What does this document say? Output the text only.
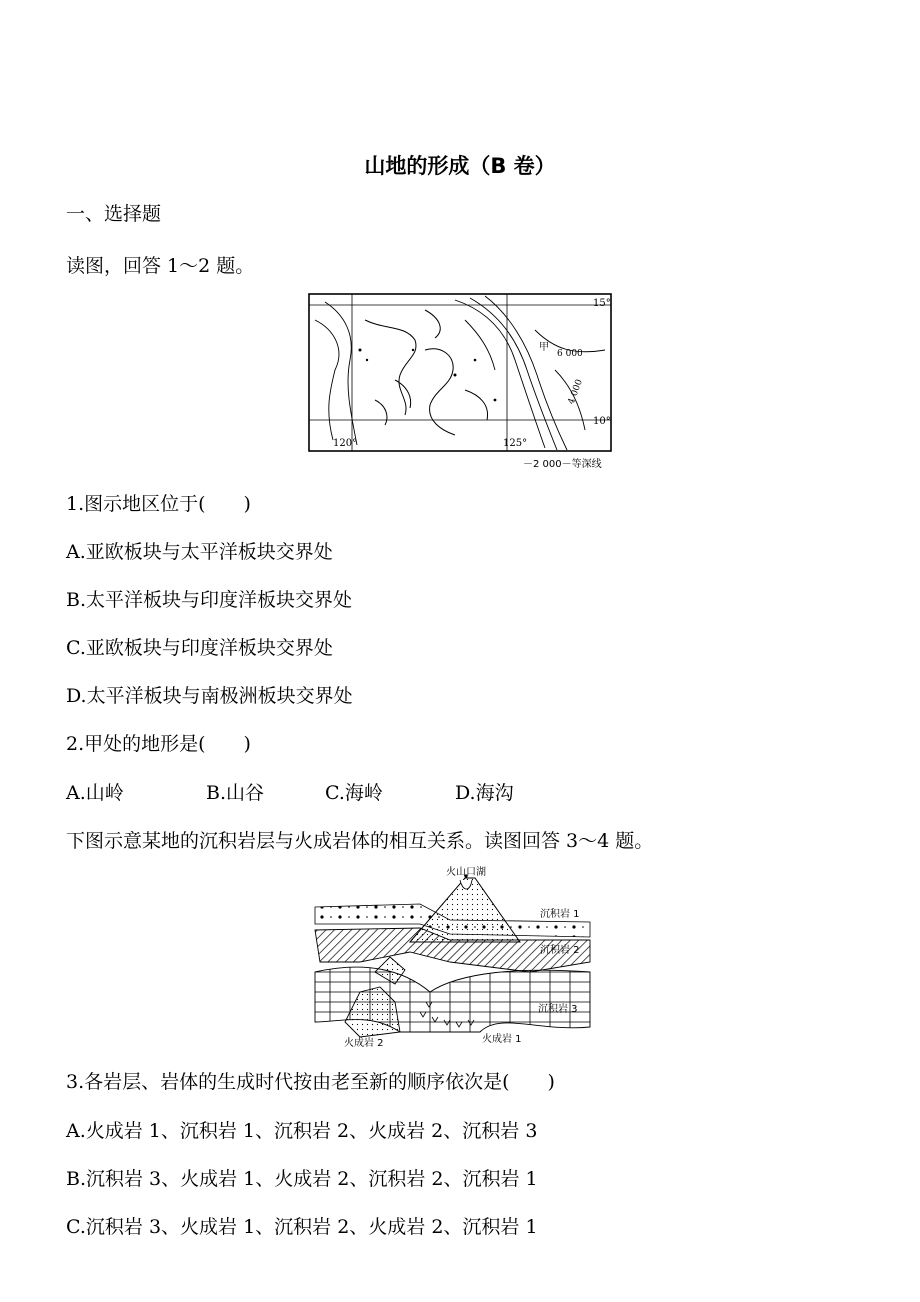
山地的形成（B 卷）
一、选择题
读图，回答 1～2 题。
15°
10°
120°	125°
甲
6 000
4 000
－2 000－等深线
1.图示地区位于(　　)
A.亚欧板块与太平洋板块交界处
B.太平洋板块与印度洋板块交界处
C.亚欧板块与印度洋板块交界处
D.太平洋板块与南极洲板块交界处
2.甲处的地形是(　　)
A.山岭	B.山谷	C.海岭	D.海沟
下图示意某地的沉积岩层与火成岩体的相互关系。读图回答 3～4 题。
火山口湖
沉积岩 1
沉积岩 2
沉积岩 3
火成岩 1
火成岩 2
3.各岩层、岩体的生成时代按由老至新的顺序依次是(　　)
A.火成岩 1、沉积岩 1、沉积岩 2、火成岩 2、沉积岩 3
B.沉积岩 3、火成岩 1、火成岩 2、沉积岩 2、沉积岩 1
C.沉积岩 3、火成岩 1、沉积岩 2、火成岩 2、沉积岩 1
